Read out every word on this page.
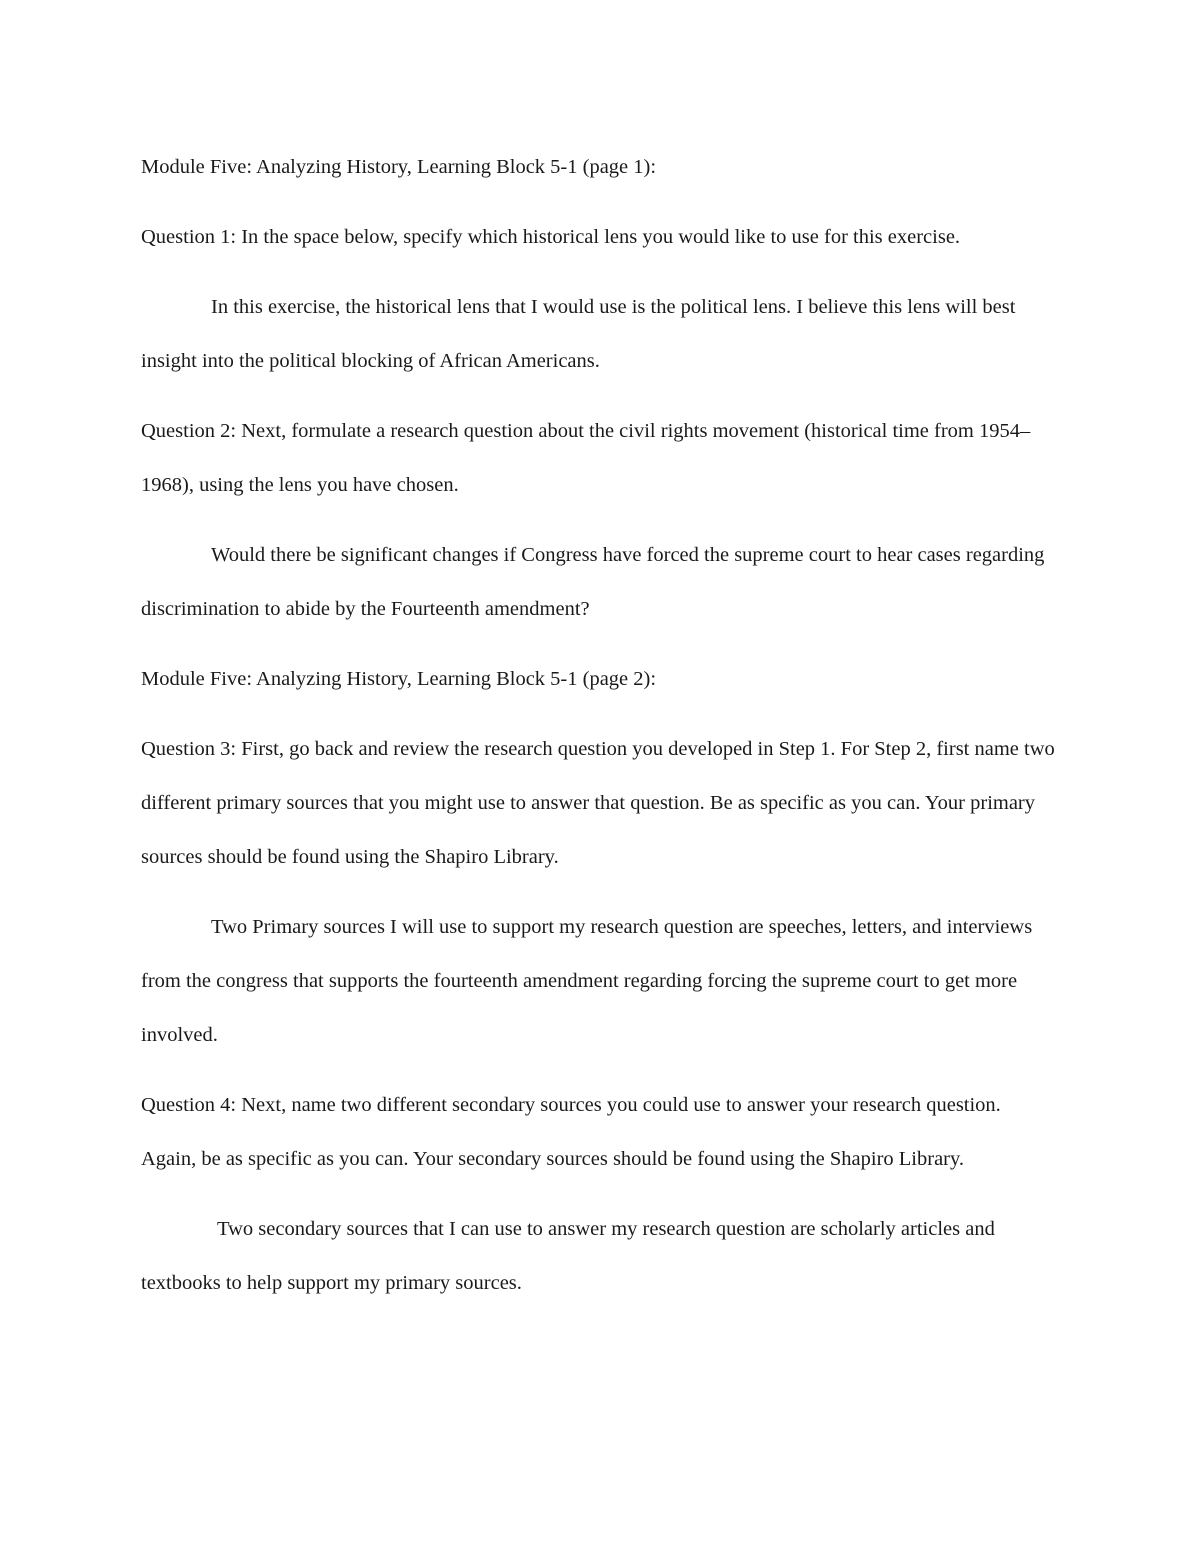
Module Five: Analyzing History, Learning Block 5-1 (page 1):

Question 1: In the space below, specify which historical lens you would like to use for this exercise.

In this exercise, the historical lens that I would use is the political lens. I believe this lens will best insight into the political blocking of African Americans.

Question 2: Next, formulate a research question about the civil rights movement (historical time from 1954–1968), using the lens you have chosen.

Would there be significant changes if Congress have forced the supreme court to hear cases regarding discrimination to abide by the Fourteenth amendment?

Module Five: Analyzing History, Learning Block 5-1 (page 2):

Question 3: First, go back and review the research question you developed in Step 1. For Step 2, first name two different primary sources that you might use to answer that question. Be as specific as you can. Your primary sources should be found using the Shapiro Library.

Two Primary sources I will use to support my research question are speeches, letters, and interviews from the congress that supports the fourteenth amendment regarding forcing the supreme court to get more involved.

Question 4: Next, name two different secondary sources you could use to answer your research question. Again, be as specific as you can. Your secondary sources should be found using the Shapiro Library.

Two secondary sources that I can use to answer my research question are scholarly articles and textbooks to help support my primary sources.
